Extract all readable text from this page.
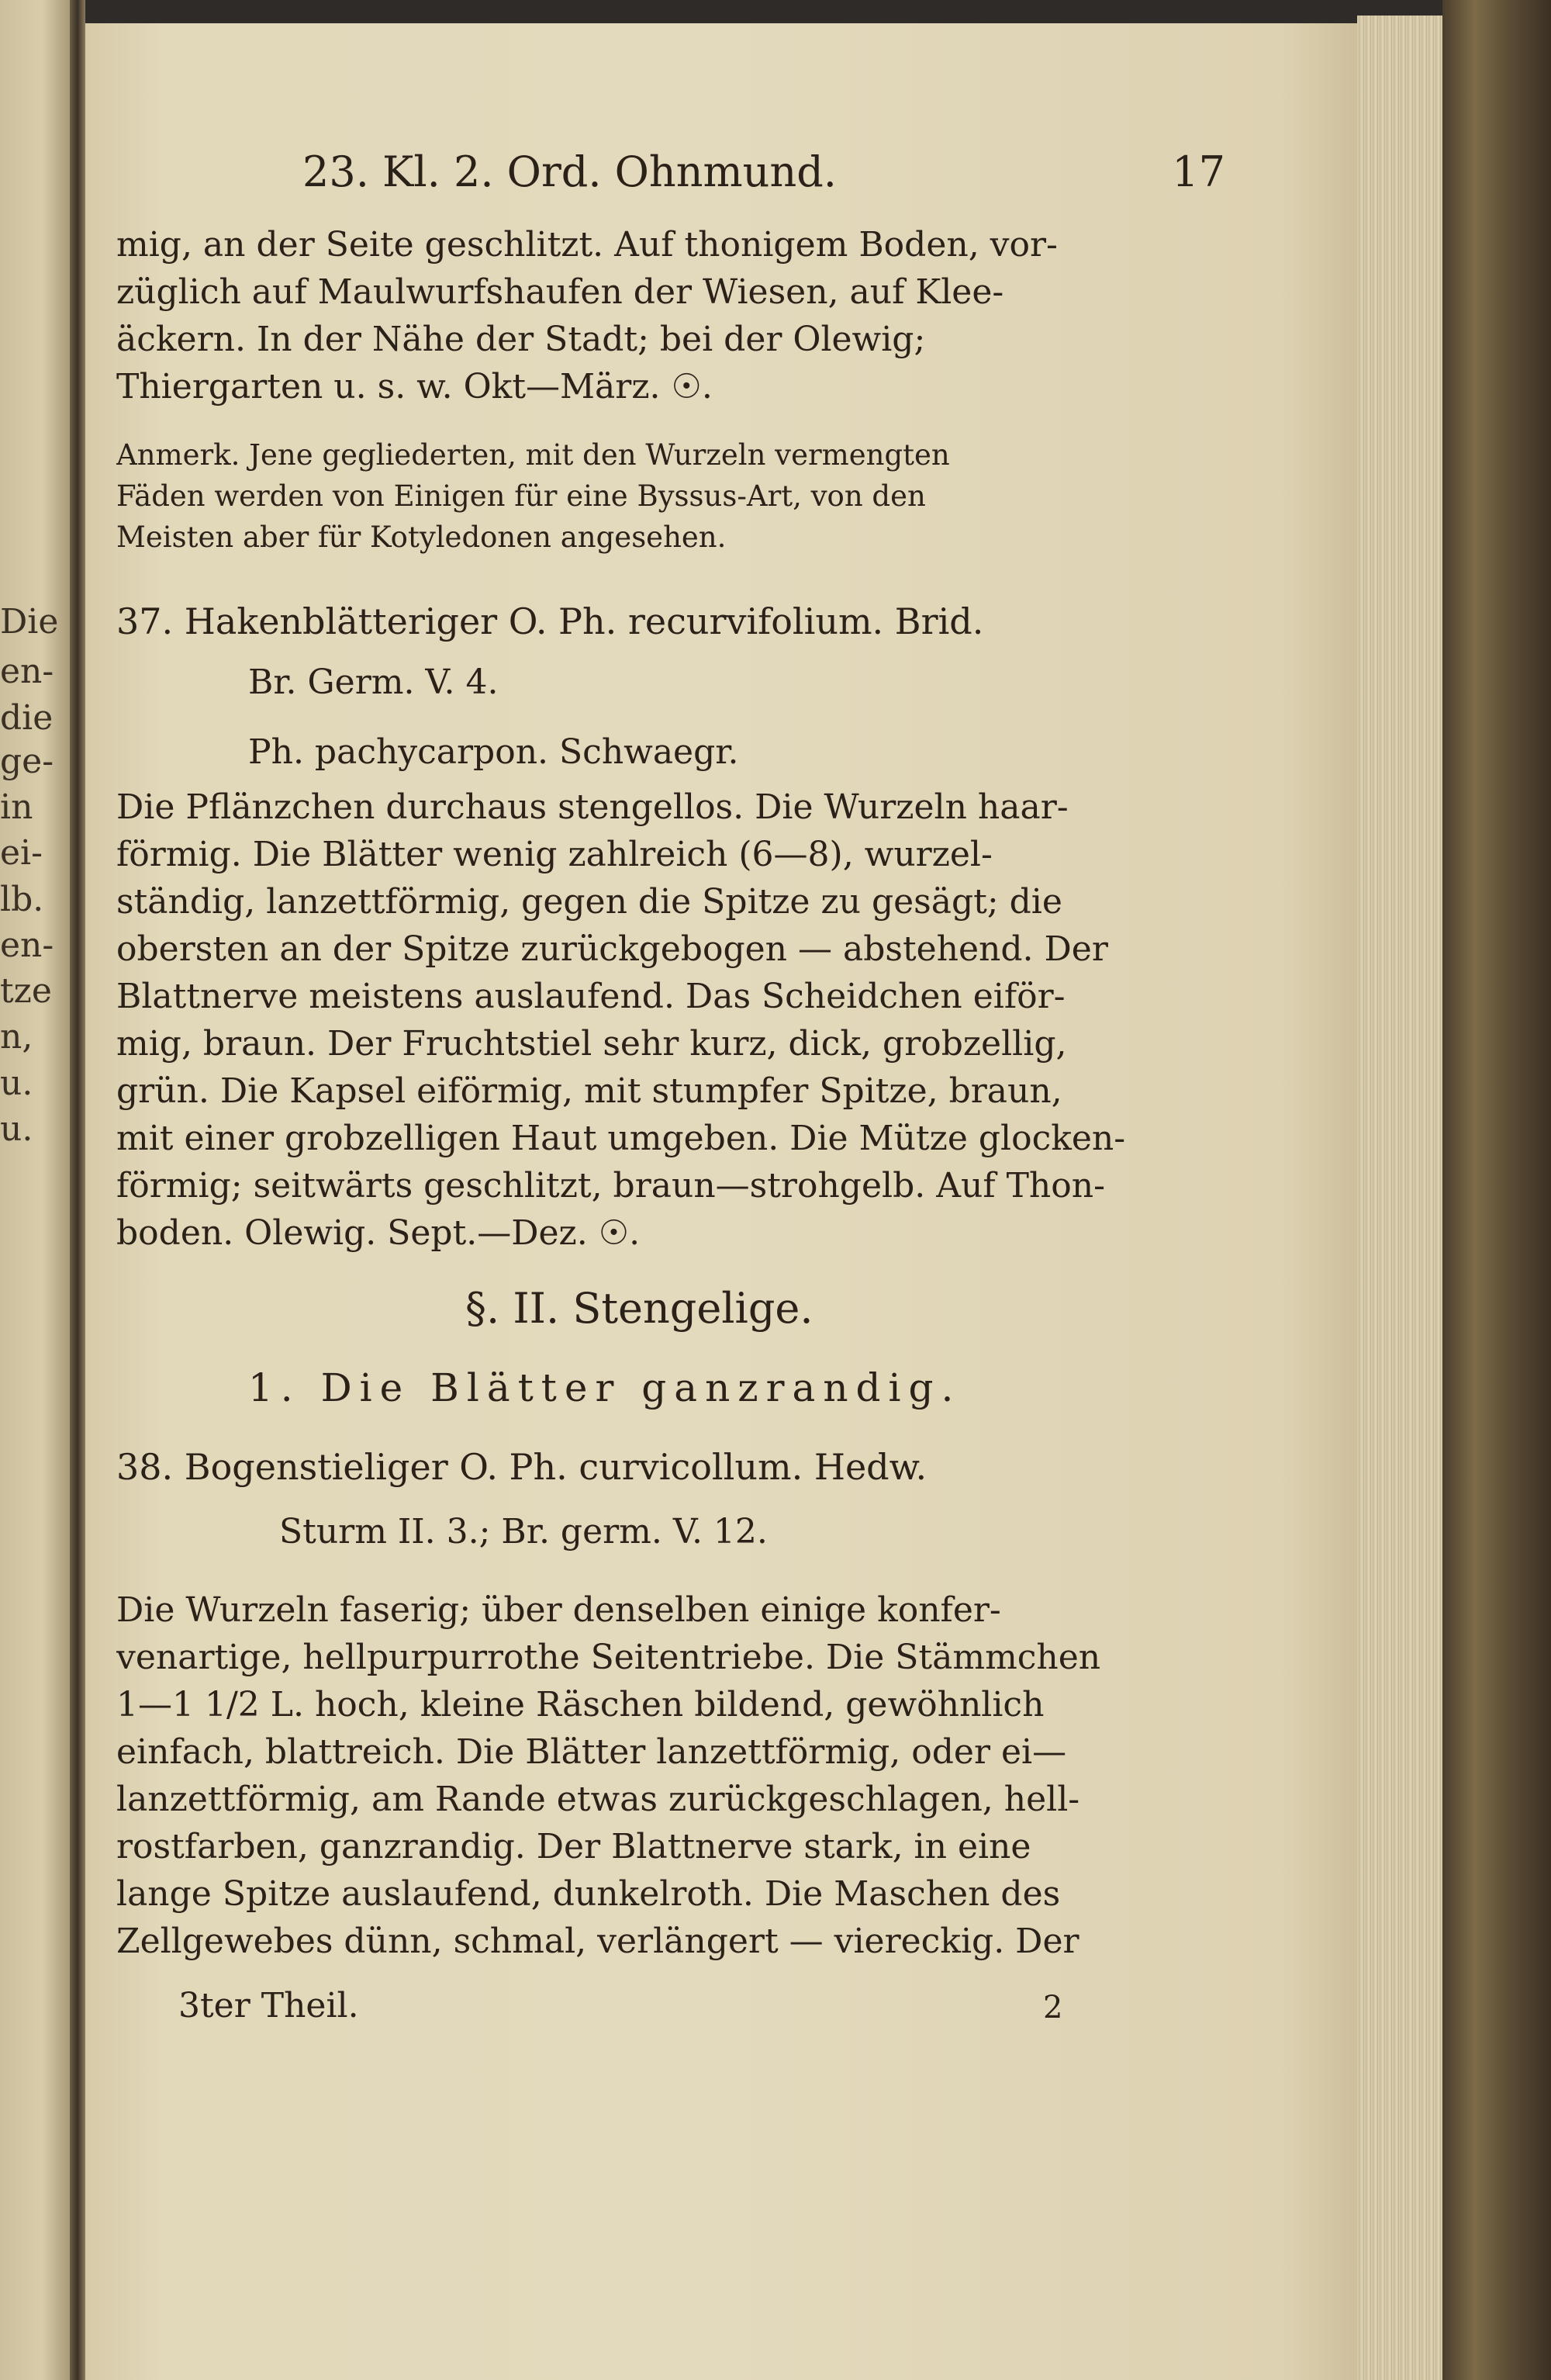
Die
en-
die
ge-
in
ei-
lb.
en-
tze
n,
u.
u.
23. Kl. 2. Ord. Ohnmund.	17
mig, an der Seite geschlitzt. Auf thonigem Boden, vor-
züglich auf Maulwurfshaufen der Wiesen, auf Klee-
äckern. In der Nähe der Stadt; bei der Olewig;
Thiergarten u. s. w. Okt—März. ☉.
Anmerk. Jene gegliederten, mit den Wurzeln vermengten
Fäden werden von Einigen für eine Byssus-Art, von den
Meisten aber für Kotyledonen angesehen.
37. Hakenblätteriger O. Ph. recurvifolium. Brid.
Br. Germ. V. 4.
Ph. pachycarpon. Schwaegr.
Die Pflänzchen durchaus stengellos. Die Wurzeln haar-
förmig. Die Blätter wenig zahlreich (6—8), wurzel-
ständig, lanzettförmig, gegen die Spitze zu gesägt; die
obersten an der Spitze zurückgebogen — abstehend. Der
Blattnerve meistens auslaufend. Das Scheidchen eiför-
mig, braun. Der Fruchtstiel sehr kurz, dick, grobzellig,
grün. Die Kapsel eiförmig, mit stumpfer Spitze, braun,
mit einer grobzelligen Haut umgeben. Die Mütze glocken-
förmig; seitwärts geschlitzt, braun—strohgelb. Auf Thon-
boden. Olewig. Sept.—Dez. ☉.
§. II. Stengelige.
1. Die Blätter ganzrandig.
38. Bogenstieliger O. Ph. curvicollum. Hedw.
Sturm II. 3.; Br. germ. V. 12.
Die Wurzeln faserig; über denselben einige konfer-
venartige, hellpurpurrothe Seitentriebe. Die Stämmchen
1—1 1/2 L. hoch, kleine Räschen bildend, gewöhnlich
einfach, blattreich. Die Blätter lanzettförmig, oder ei—
lanzettförmig, am Rande etwas zurückgeschlagen, hell-
rostfarben, ganzrandig. Der Blattnerve stark, in eine
lange Spitze auslaufend, dunkelroth. Die Maschen des
Zellgewebes dünn, schmal, verlängert — viereckig. Der
3ter Theil.	2
